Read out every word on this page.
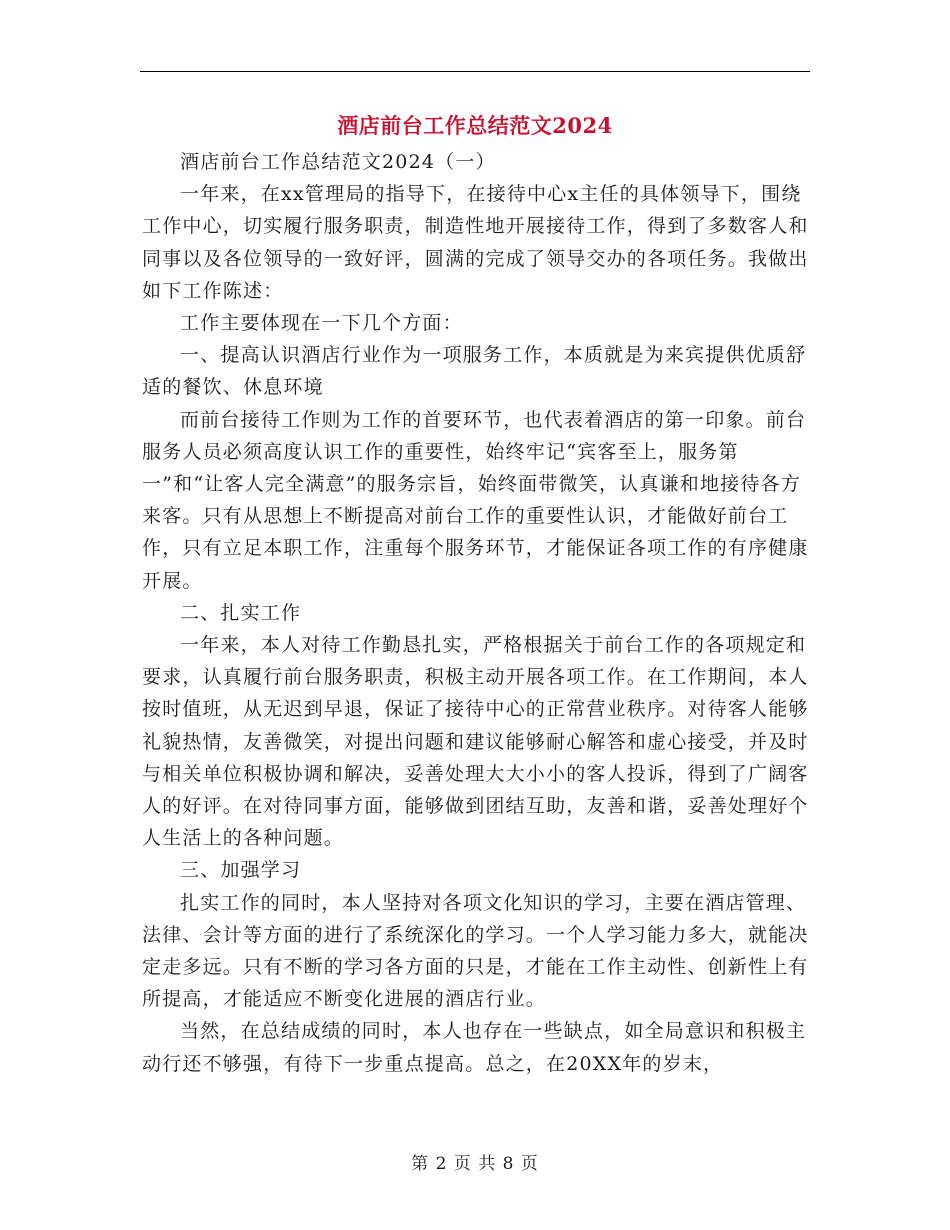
酒店前台工作总结范文2024

酒店前台工作总结范文2024（一）

一年来，在xx管理局的指导下，在接待中心x主任的具体领导下，围绕工作中心，切实履行服务职责，制造性地开展接待工作，得到了多数客人和同事以及各位领导的一致好评，圆满的完成了领导交办的各项任务。我做出如下工作陈述：

工作主要体现在一下几个方面：

一、提高认识酒店行业作为一项服务工作，本质就是为来宾提供优质舒适的餐饮、休息环境

而前台接待工作则为工作的首要环节，也代表着酒店的第一印象。前台服务人员必须高度认识工作的重要性，始终牢记“宾客至上，服务第一”和“让客人完全满意”的服务宗旨，始终面带微笑，认真谦和地接待各方来客。只有从思想上不断提高对前台工作的重要性认识，才能做好前台工作，只有立足本职工作，注重每个服务环节，才能保证各项工作的有序健康开展。

二、扎实工作

一年来，本人对待工作勤恳扎实，严格根据关于前台工作的各项规定和要求，认真履行前台服务职责，积极主动开展各项工作。在工作期间，本人按时值班，从无迟到早退，保证了接待中心的正常营业秩序。对待客人能够礼貌热情，友善微笑，对提出问题和建议能够耐心解答和虚心接受，并及时与相关单位积极协调和解决，妥善处理大大小小的客人投诉，得到了广阔客人的好评。在对待同事方面，能够做到团结互助，友善和谐，妥善处理好个人生活上的各种问题。

三、加强学习

扎实工作的同时，本人坚持对各项文化知识的学习，主要在酒店管理、法律、会计等方面的进行了系统深化的学习。一个人学习能力多大，就能决定走多远。只有不断的学习各方面的只是，才能在工作主动性、创新性上有所提高，才能适应不断变化进展的酒店行业。

当然，在总结成绩的同时，本人也存在一些缺点，如全局意识和积极主动行还不够强，有待下一步重点提高。总之，在20XX年的岁末，

第 2 页 共 8 页
